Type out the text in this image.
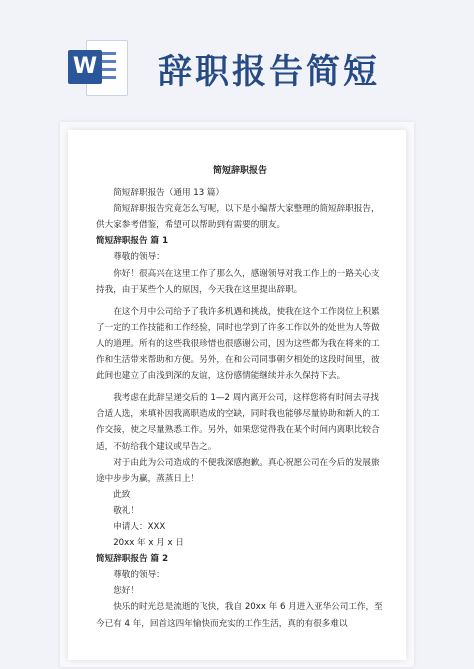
W 辞职报告简短
简短辞职报告
简短辞职报告（通用 13 篇）
简短辞职报告究竟怎么写呢，以下是小编帮大家整理的简短辞职报告，供大家参考借鉴，希望可以帮助到有需要的朋友。
简短辞职报告 篇 1
尊敬的领导：
你好！很高兴在这里工作了那么久，感谢领导对我工作上的一路关心支持我，由于某些个人的原因，今天我在这里提出辞职。
在这个月中公司给予了我许多机遇和挑战，使我在这个工作岗位上积累了一定的工作技能和工作经验，同时也学到了许多工作以外的处世为人等做人的道理。所有的这些我很珍惜也很感谢公司，因为这些都为我在将来的工作和生活带来帮助和方便。另外，在和公司同事朝夕相处的这段时间里，彼此间也建立了由浅到深的友谊，这份感情能继续并永久保持下去。
我考虑在此辞呈递交后的 1—2 周内离开公司，这样您将有时间去寻找合适人选，来填补因我离职造成的空缺，同时我也能够尽量协助和新人的工作交接，使之尽量熟悉工作。另外，如果您觉得我在某个时间内离职比较合适，不妨给我个建议或早告之。
对于由此为公司造成的不便我深感抱歉。真心祝愿公司在今后的发展旅途中步步为赢，蒸蒸日上！
此致
敬礼！
申请人：XXX
20xx 年 x 月 x 日
简短辞职报告 篇 2
尊敬的领导：
您好！
快乐的时光总是流逝的飞快，我自 20xx 年 6 月进入亚华公司工作，至今已有 4 年，回首这四年愉快而充实的工作生活，真的有很多难以
